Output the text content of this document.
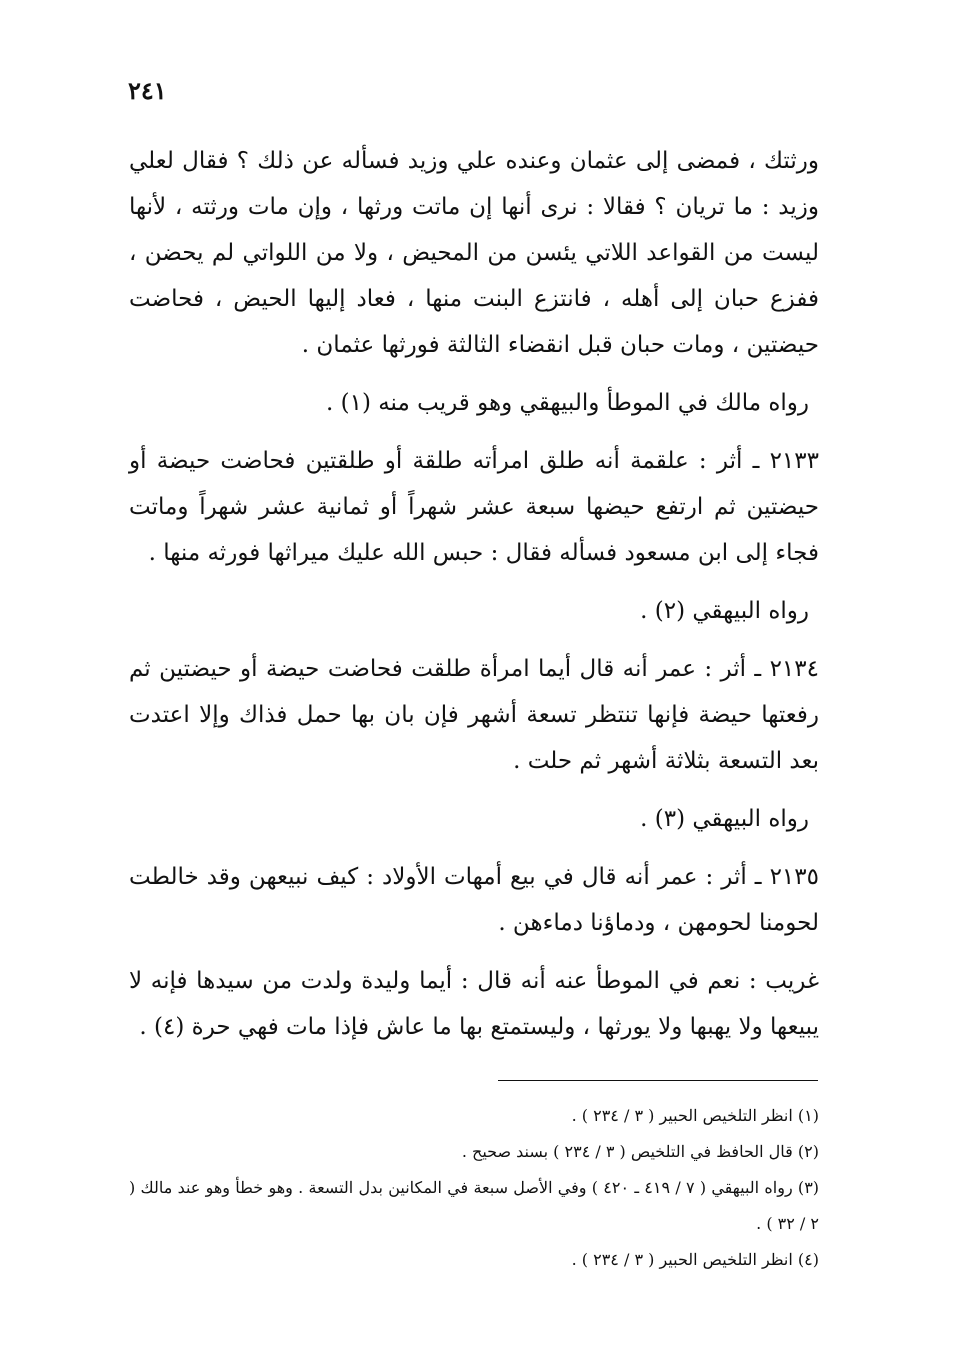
٢٤١

ورثتك ، فمضى إلى عثمان وعنده علي وزيد فسأله عن ذلك ؟ فقال لعلي وزيد : ما تريان ؟ فقالا : نرى أنها إن ماتت ورثها ، وإن مات ورثته ، لأنها ليست من القواعد اللاتي يئسن من المحيض ، ولا من اللواتي لم يحضن ، ففزع حبان إلى أهله ، فانتزع البنت منها ، فعاد إليها الحيض ، فحاضت حيضتين ، ومات حبان قبل انقضاء الثالثة فورثها عثمان .

رواه مالك في الموطأ والبيهقي وهو قريب منه (١) .

٢١٣٣ ـ أثر : علقمة أنه طلق امرأته طلقة أو طلقتين فحاضت حيضة أو حيضتين ثم ارتفع حيضها سبعة عشر شهراً أو ثمانية عشر شهراً وماتت فجاء إلى ابن مسعود فسأله فقال : حبس الله عليك ميراثها فورثه منها .

رواه البيهقي (٢) .

٢١٣٤ ـ أثر : عمر أنه قال أيما امرأة طلقت فحاضت حيضة أو حيضتين ثم رفعتها حيضة فإنها تنتظر تسعة أشهر فإن بان بها حمل فذاك وإلا اعتدت بعد التسعة بثلاثة أشهر ثم حلت .

رواه البيهقي (٣) .

٢١٣٥ ـ أثر : عمر أنه قال في بيع أمهات الأولاد : كيف نبيعهن وقد خالطت لحومنا لحومهن ، ودماؤنا دماءهن .

غريب : نعم في الموطأ عنه أنه قال : أيما وليدة ولدت من سيدها فإنه لا يبيعها ولا يهبها ولا يورثها ، وليستمتع بها ما عاش فإذا مات فهي حرة (٤) .

(١) انظر التلخيص الحبير ( ٣ / ٢٣٤ ) .
(٢) قال الحافظ في التلخيص ( ٣ / ٢٣٤ ) بسند صحيح .
(٣) رواه البيهقي ( ٧ / ٤١٩ ـ ٤٢٠ ) وفي الأصل سبعة في المكانين بدل التسعة . وهو خطأ وهو عند مالك ( ٢ / ٣٢ ) .
(٤) انظر التلخيص الحبير ( ٣ / ٢٣٤ ) .
